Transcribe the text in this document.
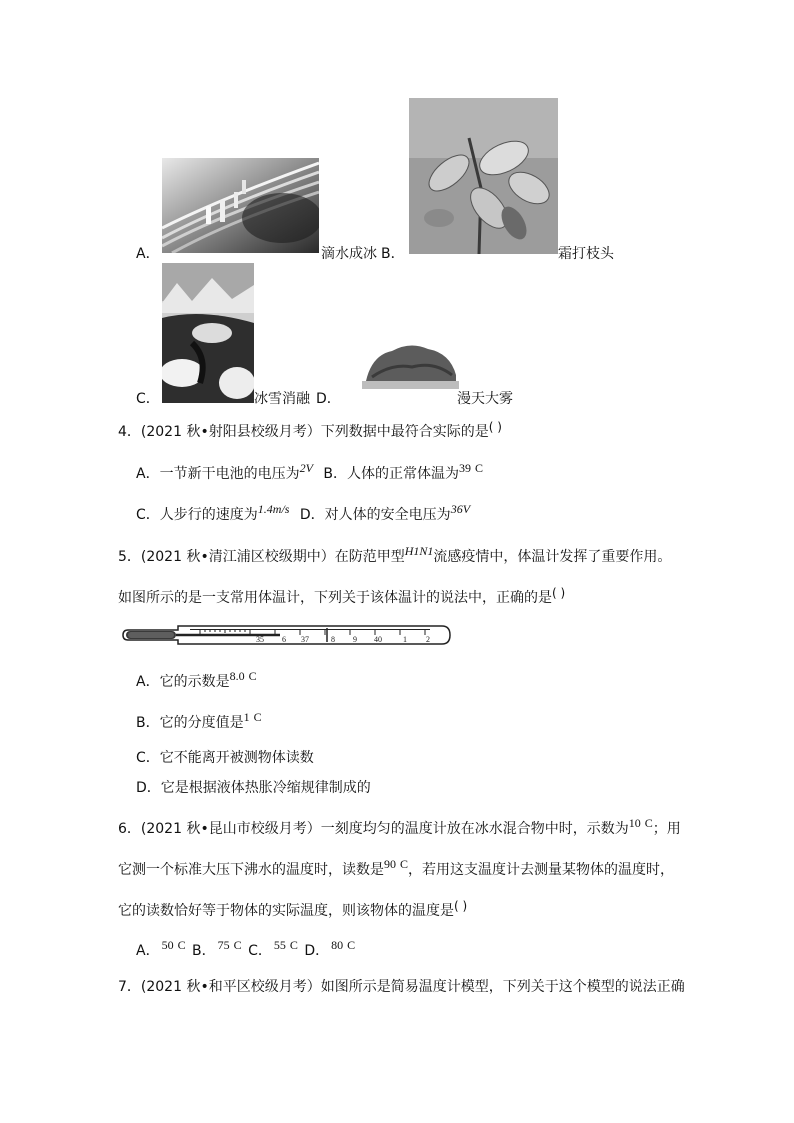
A．	滴水成冰 B．	霜打枝头
C．	冰雪消融 D．	漫天大雾
4．(2021 秋•射阳县校级月考）下列数据中最符合实际的是( )
A．一节新干电池的电压为2V B．人体的正常体温为39 C
C．人步行的速度为1.4m/s D．对人体的安全电压为36V
5．(2021 秋•清江浦区校级期中）在防范甲型H1N1流感疫情中，体温计发挥了重要作用。
如图所示的是一支常用体温计，下列关于该体温计的说法中，正确的是( )
35 6 37	8 9 40	1 2
A．它的示数是8.0 C
B．它的分度值是1 C
C．它不能离开被测物体读数
D．它是根据液体热胀冷缩规律制成的
6．(2021 秋•昆山市校级月考）一刻度均匀的温度计放在冰水混合物中时，示数为10 C；用
它测一个标准大压下沸水的温度时，读数是90 C，若用这支温度计去测量某物体的温度时，
它的读数恰好等于物体的实际温度，则该物体的温度是( )
A． 50 C B． 75 C C． 55 C D． 80 C
7．(2021 秋•和平区校级月考）如图所示是简易温度计模型，下列关于这个模型的说法正确
